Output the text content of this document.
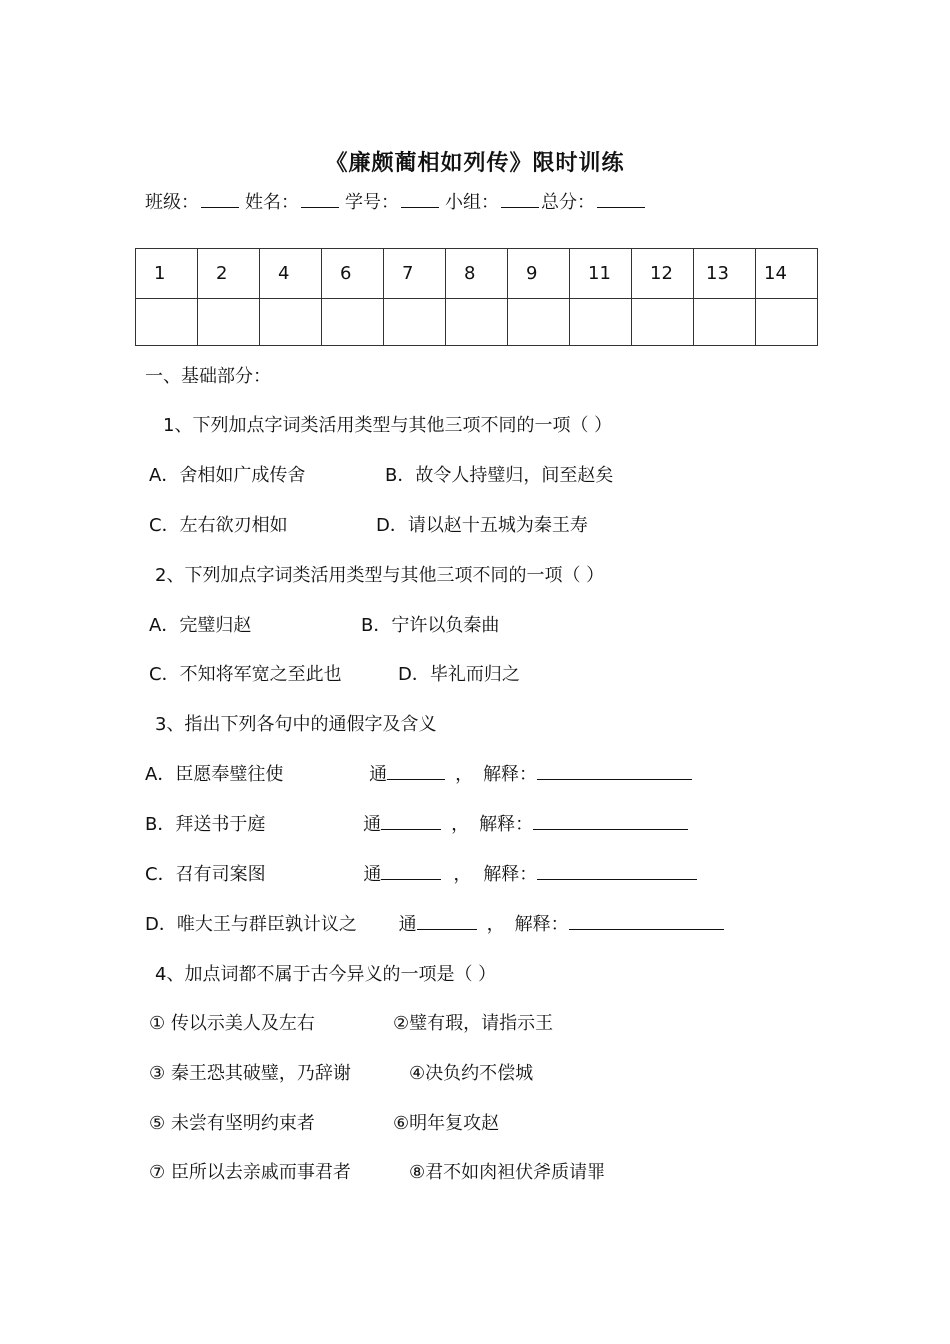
《廉颇蔺相如列传》限时训练
班级：	姓名：	学号：	小组： 总分：
1	2	4	6	7	8	9	11	12	13	14

一、基础部分：
1、下列加点字词类活用类型与其他三项不同的一项（ ）
A．舍相如广成传舍	B．故令人持璧归，间至赵矣
C．左右欲刃相如	D．请以赵十五城为秦王寿
2、下列加点字词类活用类型与其他三项不同的一项（ ）
A．完璧归赵	B．宁许以负秦曲
C．不知将军宽之至此也	D．毕礼而归之
3、指出下列各句中的通假字及含义
A．臣愿奉璧往使	通	， 解释：
B．拜送书于庭	通	， 解释：
C．召有司案图	通	， 解释：
D．唯大王与群臣孰计议之 通	， 解释：
4、加点词都不属于古今异义的一项是（ ）
① 传以示美人及左右	②璧有瑕，请指示王
③ 秦王恐其破璧，乃辞谢	④决负约不偿城
⑤ 未尝有坚明约束者	⑥明年复攻赵
⑦ 臣所以去亲戚而事君者	⑧君不如肉袒伏斧质请罪
